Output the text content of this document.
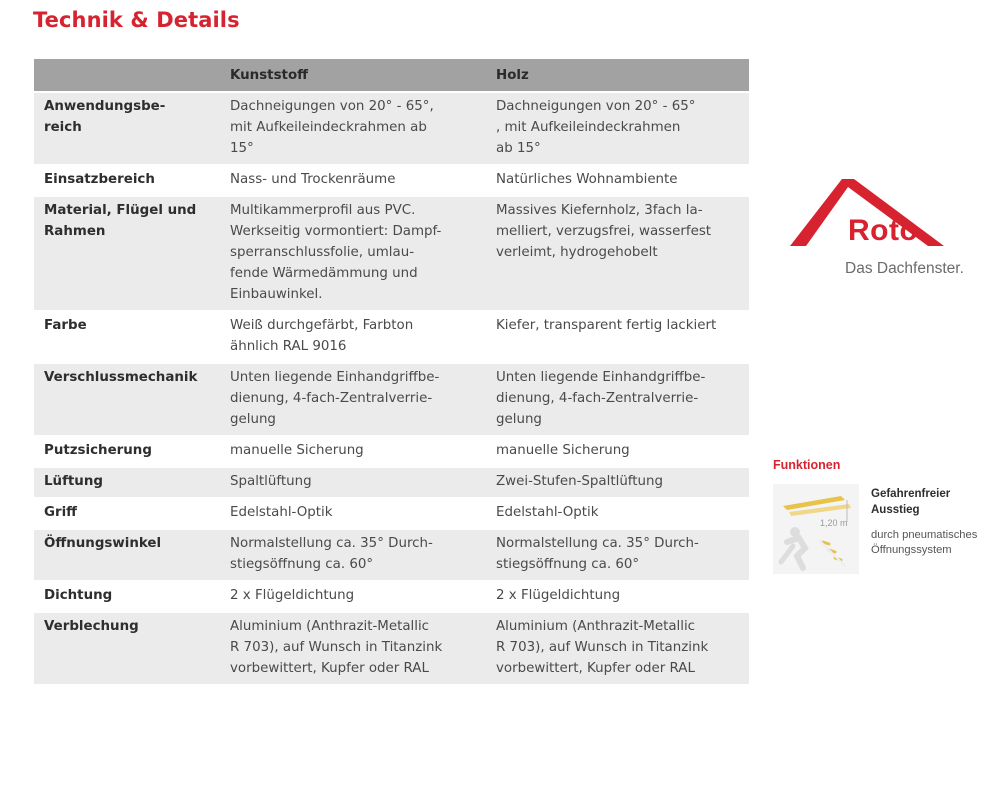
Technik & Details
	Kunststoff	Holz
Anwendungsbe-
reich	Dachneigungen von 20° - 65°,
mit Aufkeileindeckrahmen ab
15°	Dachneigungen von 20° - 65°
, mit Aufkeileindeckrahmen
ab 15°
Einsatzbereich	Nass- und Trockenräume	Natürliches Wohnambiente
Material, Flügel und
Rahmen	Multikammerprofil aus PVC.
Werkseitig vormontiert: Dampf-
sperranschlussfolie, umlau-
fende Wärmedämmung und
Einbauwinkel.	Massives Kiefernholz, 3fach la-
melliert, verzugsfrei, wasserfest
verleimt, hydrogehobelt
Farbe	Weiß durchgefärbt, Farbton
ähnlich RAL 9016	Kiefer, transparent fertig lackiert
Verschlussmechanik	Unten liegende Einhandgriffbe-
dienung, 4-fach-Zentralverrie-
gelung	Unten liegende Einhandgriffbe-
dienung, 4-fach-Zentralverrie-
gelung
Putzsicherung	manuelle Sicherung	manuelle Sicherung
Lüftung	Spaltlüftung	Zwei-Stufen-Spaltlüftung
Griff	Edelstahl-Optik	Edelstahl-Optik
Öffnungswinkel	Normalstellung ca. 35° Durch-
stiegsöffnung ca. 60°	Normalstellung ca. 35° Durch-
stiegsöffnung ca. 60°
Dichtung	2 x Flügeldichtung	2 x Flügeldichtung
Verblechung	Aluminium (Anthrazit-Metallic
R 703), auf Wunsch in Titanzink
vorbewittert, Kupfer oder RAL	Aluminium (Anthrazit-Metallic
R 703), auf Wunsch in Titanzink
vorbewittert, Kupfer oder RAL
Roto
Das Dachfenster.
Funktionen
1,20 m
Gefahrenfreier
Ausstieg
durch pneumatisches
Öffnungssystem
